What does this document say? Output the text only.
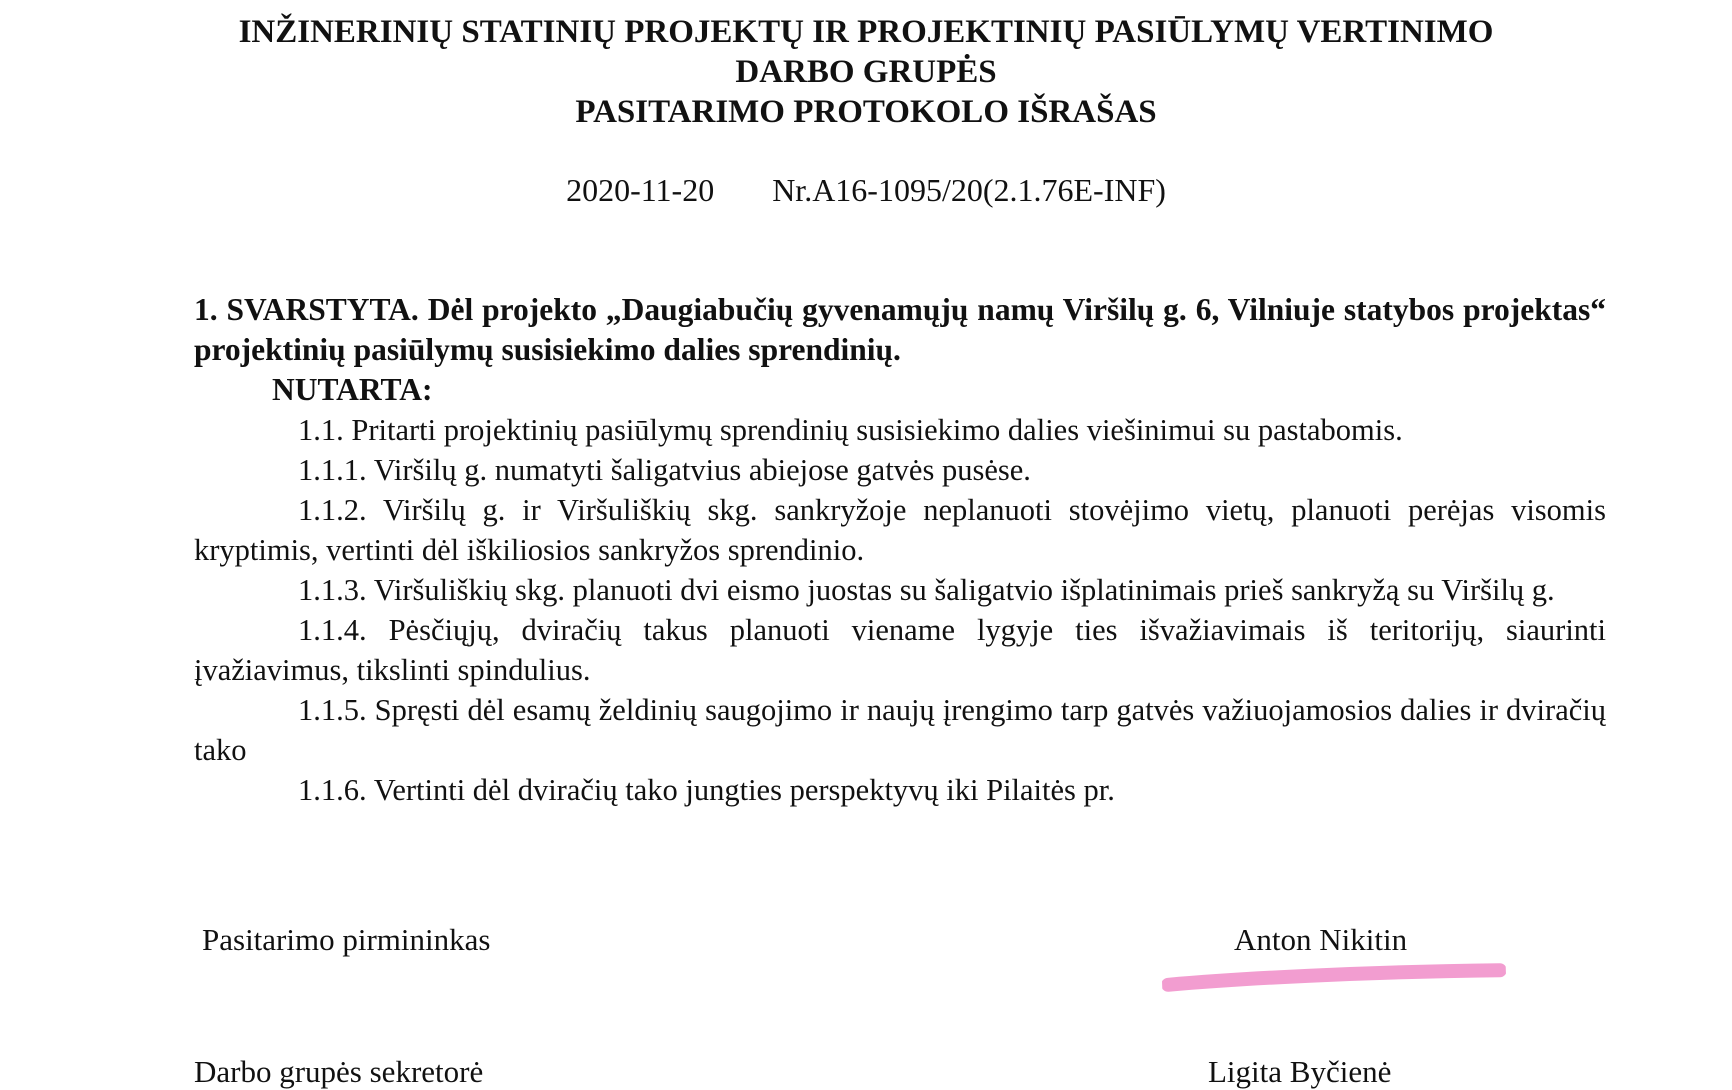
INŽINERINIŲ STATINIŲ PROJEKTŲ IR PROJEKTINIŲ PASIŪLYMŲ VERTINIMO
DARBO GRUPĖS
PASITARIMO PROTOKOLO IŠRAŠAS
2020-11-20 Nr.A16-1095/20(2.1.76E-INF)

1. SVARSTYTA. Dėl projekto „Daugiabučių gyvenamųjų namų Viršilų g. 6, Vilniuje statybos projektas“ projektinių pasiūlymų susisiekimo dalies sprendinių.

NUTARTA:

1.1. Pritarti projektinių pasiūlymų sprendinių susisiekimo dalies viešinimui su pastabomis.

1.1.1. Viršilų g. numatyti šaligatvius abiejose gatvės pusėse.

1.1.2. Viršilų g. ir Viršuliškių skg. sankryžoje neplanuoti stovėjimo vietų, planuoti perėjas visomis kryptimis, vertinti dėl iškiliosios sankryžos sprendinio.

1.1.3. Viršuliškių skg. planuoti dvi eismo juostas su šaligatvio išplatinimais prieš sankryžą su Viršilų g.

1.1.4. Pėsčiųjų, dviračių takus planuoti viename lygyje ties išvažiavimais iš teritorijų, siaurinti įvažiavimus, tikslinti spindulius.

1.1.5. Spręsti dėl esamų želdinių saugojimo ir naujų įrengimo tarp gatvės važiuojamosios dalies ir dviračių tako

1.1.6. Vertinti dėl dviračių tako jungties perspektyvų iki Pilaitės pr.

Pasitarimo pirmininkas	Anton Nikitin
Darbo grupės sekretorė	Ligita Byčienė
